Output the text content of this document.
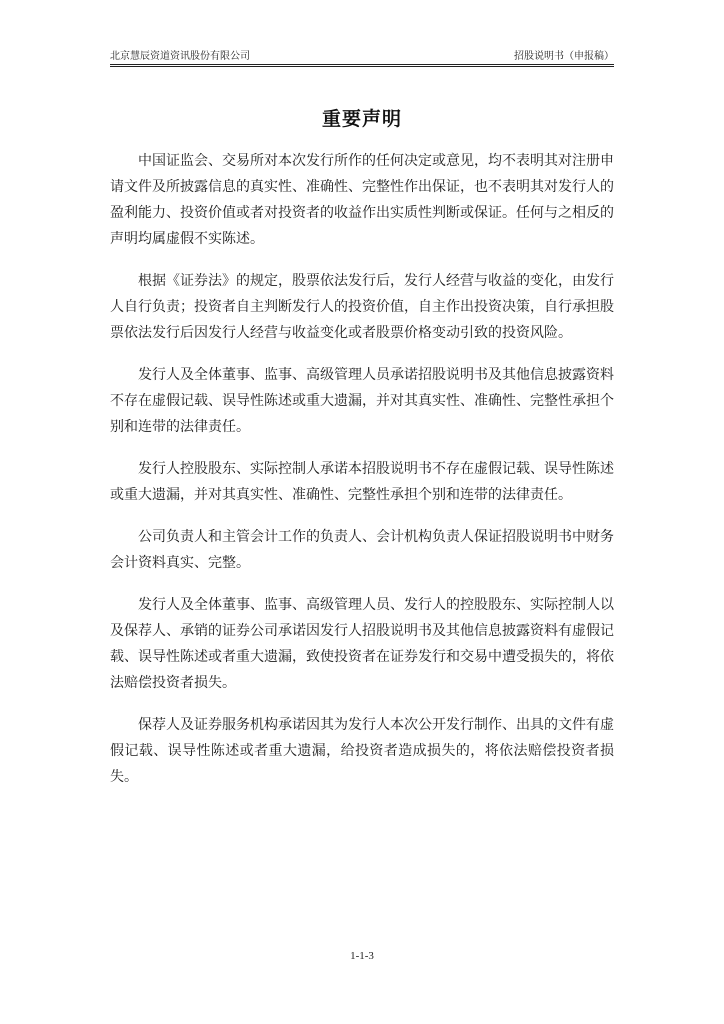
北京慧辰资道资讯股份有限公司	招股说明书（申报稿）
重要声明

中国证监会、交易所对本次发行所作的任何决定或意见，均不表明其对注册申请文件及所披露信息的真实性、准确性、完整性作出保证，也不表明其对发行人的盈利能力、投资价值或者对投资者的收益作出实质性判断或保证。任何与之相反的声明均属虚假不实陈述。

根据《证券法》的规定，股票依法发行后，发行人经营与收益的变化，由发行人自行负责；投资者自主判断发行人的投资价值，自主作出投资决策，自行承担股票依法发行后因发行人经营与收益变化或者股票价格变动引致的投资风险。

发行人及全体董事、监事、高级管理人员承诺招股说明书及其他信息披露资料不存在虚假记载、误导性陈述或重大遗漏，并对其真实性、准确性、完整性承担个别和连带的法律责任。

发行人控股股东、实际控制人承诺本招股说明书不存在虚假记载、误导性陈述或重大遗漏，并对其真实性、准确性、完整性承担个别和连带的法律责任。

公司负责人和主管会计工作的负责人、会计机构负责人保证招股说明书中财务会计资料真实、完整。

发行人及全体董事、监事、高级管理人员、发行人的控股股东、实际控制人以及保荐人、承销的证券公司承诺因发行人招股说明书及其他信息披露资料有虚假记载、误导性陈述或者重大遗漏，致使投资者在证券发行和交易中遭受损失的，将依法赔偿投资者损失。

保荐人及证券服务机构承诺因其为发行人本次公开发行制作、出具的文件有虚假记载、误导性陈述或者重大遗漏，给投资者造成损失的，将依法赔偿投资者损失。

1-1-3
